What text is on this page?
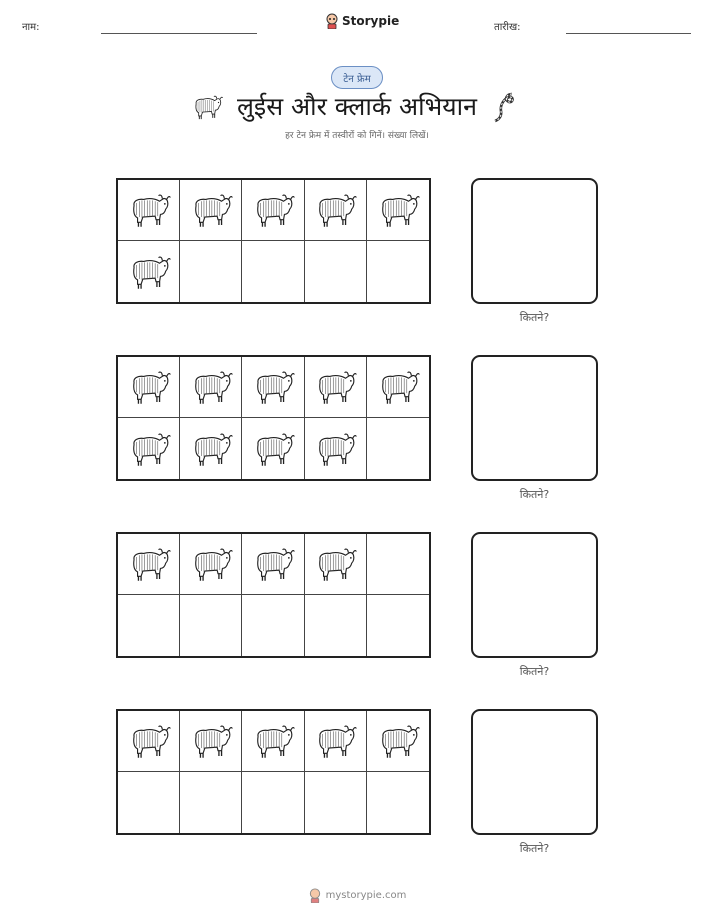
नाम:	Storypie	तारीख:
टेन फ्रेम
लुईस और क्लार्क अभियान
हर टेन फ्रेम में तस्वीरों को गिनें। संख्या लिखें।
कितने?
कितने?
कितने?
कितने?
mystorypie.com
